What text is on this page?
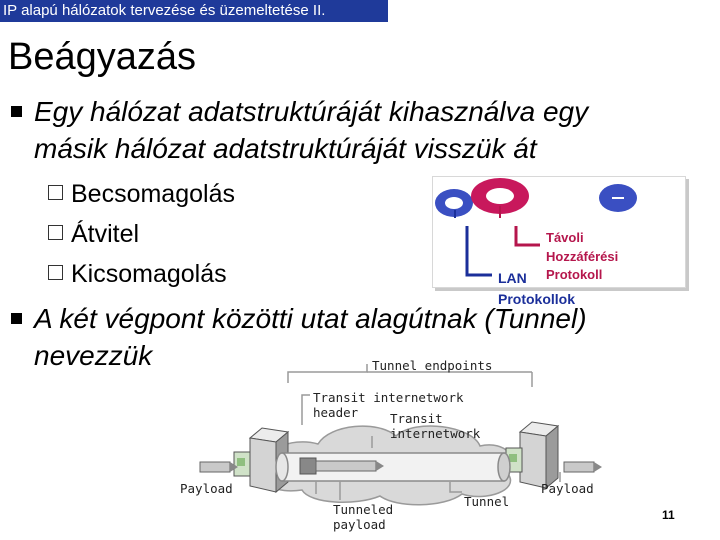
IP alapú hálózatok tervezése és üzemeltetése II.
Beágyazás
Egy hálózat adatstruktúráját kihasználva egy
másik hálózat adatstruktúráját visszük át
Becsomagolás
Átvitel
Kicsomagolás
Távoli
Hozzáférési
Protokoll
LAN
Protokollok
A két végpont közötti utat alagútnak (Tunnel)
nevezzük	Tunnel endpoints
Transit internetwork
header	Transit
internetwork
Payload	Payload
Tunneled
payload
Tunnel
11
